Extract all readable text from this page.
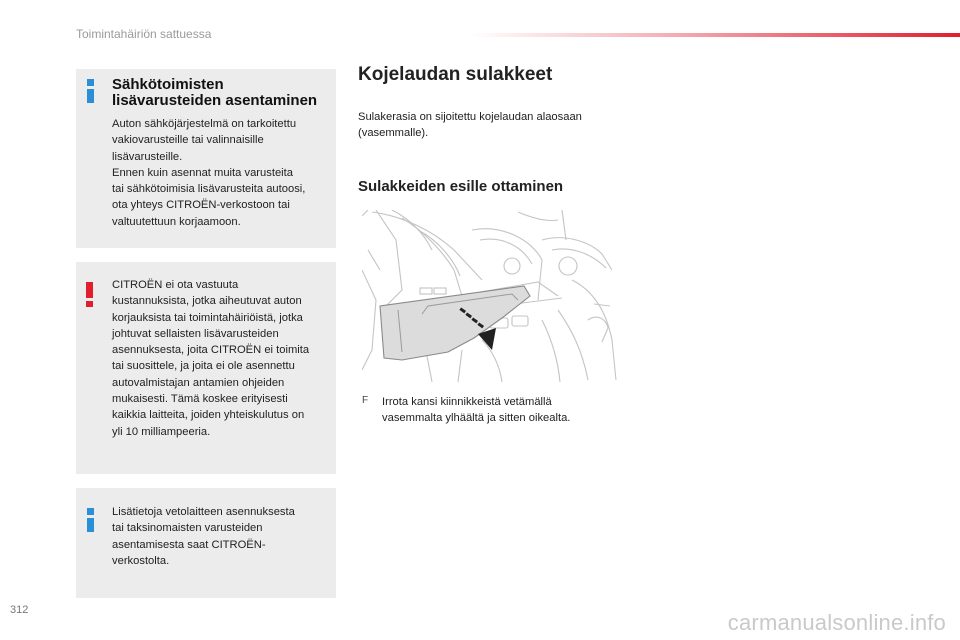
Toimintahäiriön sattuessa
Sähkötoimisten
lisävarusteiden asentaminen
Auton sähköjärjestelmä on tarkoitettu
vakiovarusteille tai valinnaisille
lisävarusteille.
Ennen kuin asennat muita varusteita
tai sähkötoimisia lisävarusteita autoosi,
ota yhteys CITROËN-verkostoon tai
valtuutettuun korjaamoon.
CITROËN ei ota vastuuta
kustannuksista, jotka aiheutuvat auton
korjauksista tai toimintahäiriöistä, jotka
johtuvat sellaisten lisävarusteiden
asennuksesta, joita CITROËN ei toimita
tai suosittele, ja joita ei ole asennettu
autovalmistajan antamien ohjeiden
mukaisesti. Tämä koskee erityisesti
kaikkia laitteita, joiden yhteiskulutus on
yli 10 milliampeeria.
Lisätietoja vetolaitteen asennuksesta
tai taksinomaisten varusteiden
asentamisesta saat CITROËN-
verkostolta.
Kojelaudan sulakkeet
Sulakerasia on sijoitettu kojelaudan alaosaan
(vasemmalle).
Sulakkeiden esille ottaminen
F Irrota kansi kiinnikkeistä vetämällä
vasemmalta ylhäältä ja sitten oikealta.
312	carmanualsonline.info
